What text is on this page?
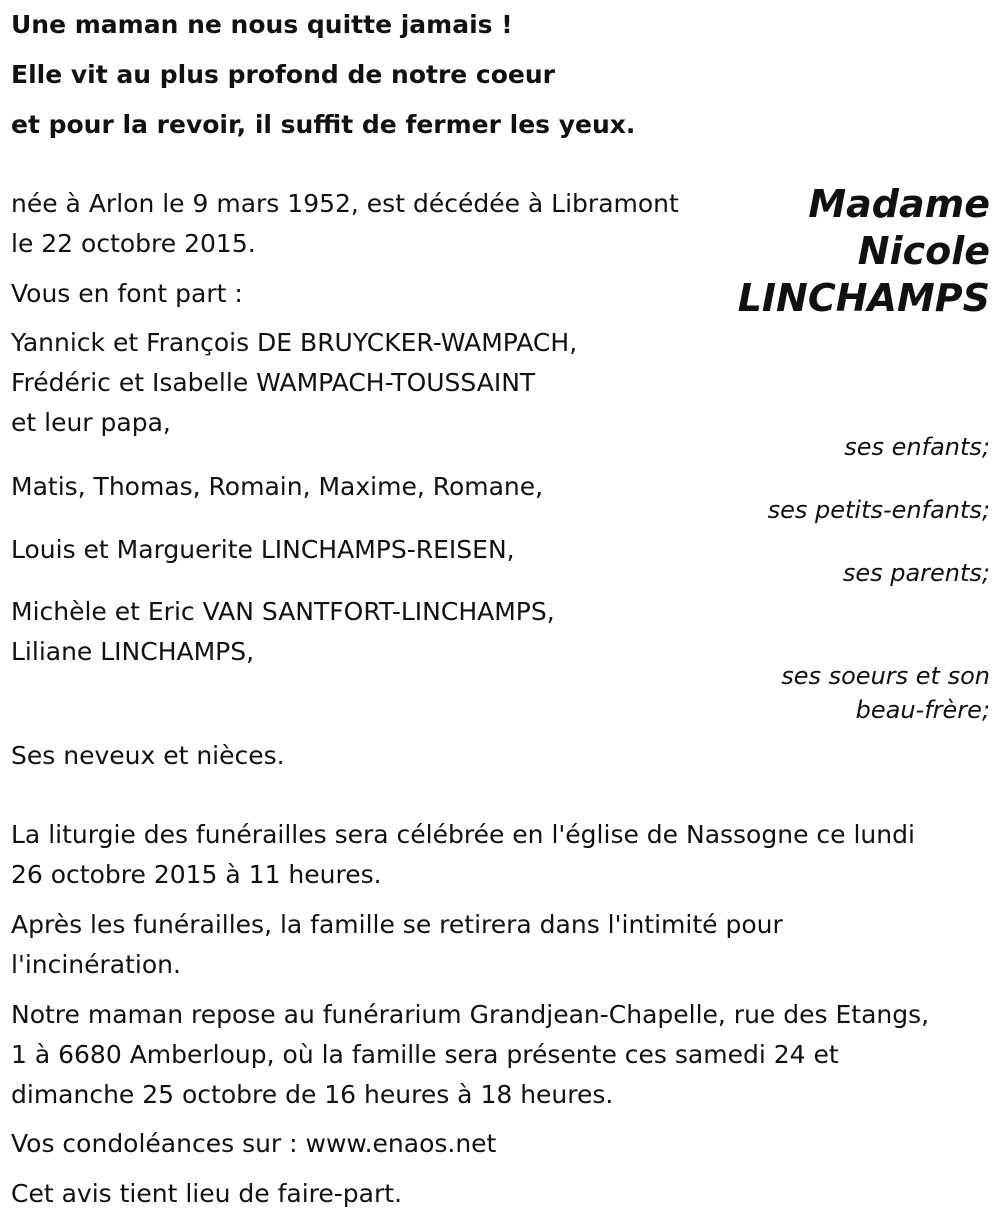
Une maman ne nous quitte jamais !

Elle vit au plus profond de notre coeur

et pour la revoir, il suffit de fermer les yeux.

Madame
Nicole
LINCHAMPS
née à Arlon le 9 mars 1952, est décédée à Libramont
le 22 octobre 2015.

Vous en font part :

Yannick et François DE BRUYCKER-WAMPACH,
Frédéric et Isabelle WAMPACH-TOUSSAINT
et leur papa,
ses enfants;

Matis, Thomas, Romain, Maxime, Romane,

ses petits-enfants;

Louis et Marguerite LINCHAMPS-REISEN,

ses parents;
Michèle et Eric VAN SANTFORT-LINCHAMPS,
Liliane LINCHAMPS,
ses soeurs et son
beau-frère;

Ses neveux et nièces.

La liturgie des funérailles sera célébrée en l'église de Nassogne ce lundi
26 octobre 2015 à 11 heures.
Après les funérailles, la famille se retirera dans l'intimité pour
l'incinération.
Notre maman repose au funérarium Grandjean-Chapelle, rue des Etangs,
1 à 6680 Amberloup, où la famille sera présente ces samedi 24 et
dimanche 25 octobre de 16 heures à 18 heures.

Vos condoléances sur : www.enaos.net

Cet avis tient lieu de faire-part.
